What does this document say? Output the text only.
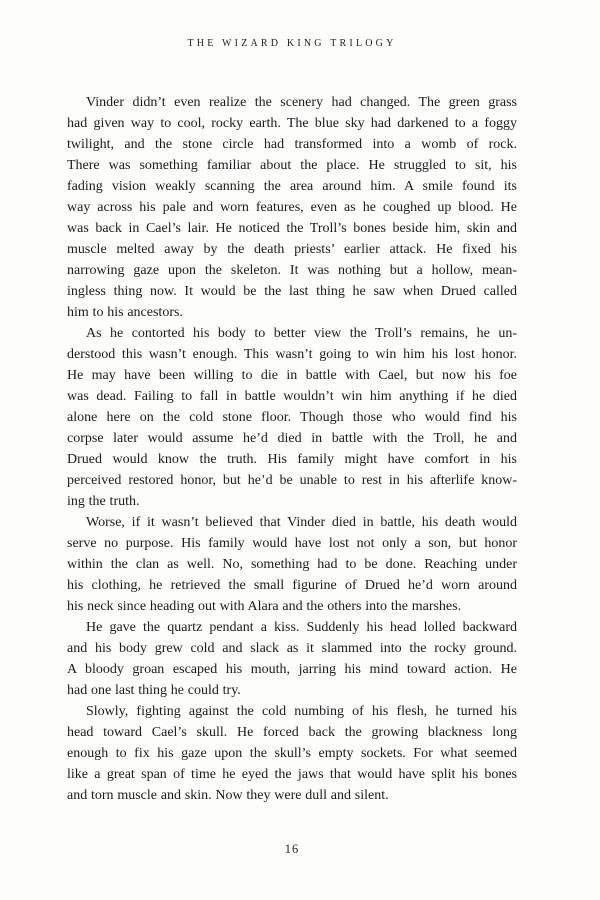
THE WIZARD KING TRILOGY
Vinder didn’t even realize the scenery had changed. The green grass
had given way to cool, rocky earth. The blue sky had darkened to a foggy
twilight, and the stone circle had transformed into a womb of rock.
There was something familiar about the place. He struggled to sit, his
fading vision weakly scanning the area around him. A smile found its
way across his pale and worn features, even as he coughed up blood. He
was back in Cael’s lair. He noticed the Troll’s bones beside him, skin and
muscle melted away by the death priests’ earlier attack. He fixed his
narrowing gaze upon the skeleton. It was nothing but a hollow, mean-
ingless thing now. It would be the last thing he saw when Drued called
him to his ancestors.
As he contorted his body to better view the Troll’s remains, he un-
derstood this wasn’t enough. This wasn’t going to win him his lost honor.
He may have been willing to die in battle with Cael, but now his foe
was dead. Failing to fall in battle wouldn’t win him anything if he died
alone here on the cold stone floor. Though those who would find his
corpse later would assume he’d died in battle with the Troll, he and
Drued would know the truth. His family might have comfort in his
perceived restored honor, but he’d be unable to rest in his afterlife know-
ing the truth.
Worse, if it wasn’t believed that Vinder died in battle, his death would
serve no purpose. His family would have lost not only a son, but honor
within the clan as well. No, something had to be done. Reaching under
his clothing, he retrieved the small figurine of Drued he’d worn around
his neck since heading out with Alara and the others into the marshes.
He gave the quartz pendant a kiss. Suddenly his head lolled backward
and his body grew cold and slack as it slammed into the rocky ground.
A bloody groan escaped his mouth, jarring his mind toward action. He
had one last thing he could try.
Slowly, fighting against the cold numbing of his flesh, he turned his
head toward Cael’s skull. He forced back the growing blackness long
enough to fix his gaze upon the skull’s empty sockets. For what seemed
like a great span of time he eyed the jaws that would have split his bones
and torn muscle and skin. Now they were dull and silent.
16
